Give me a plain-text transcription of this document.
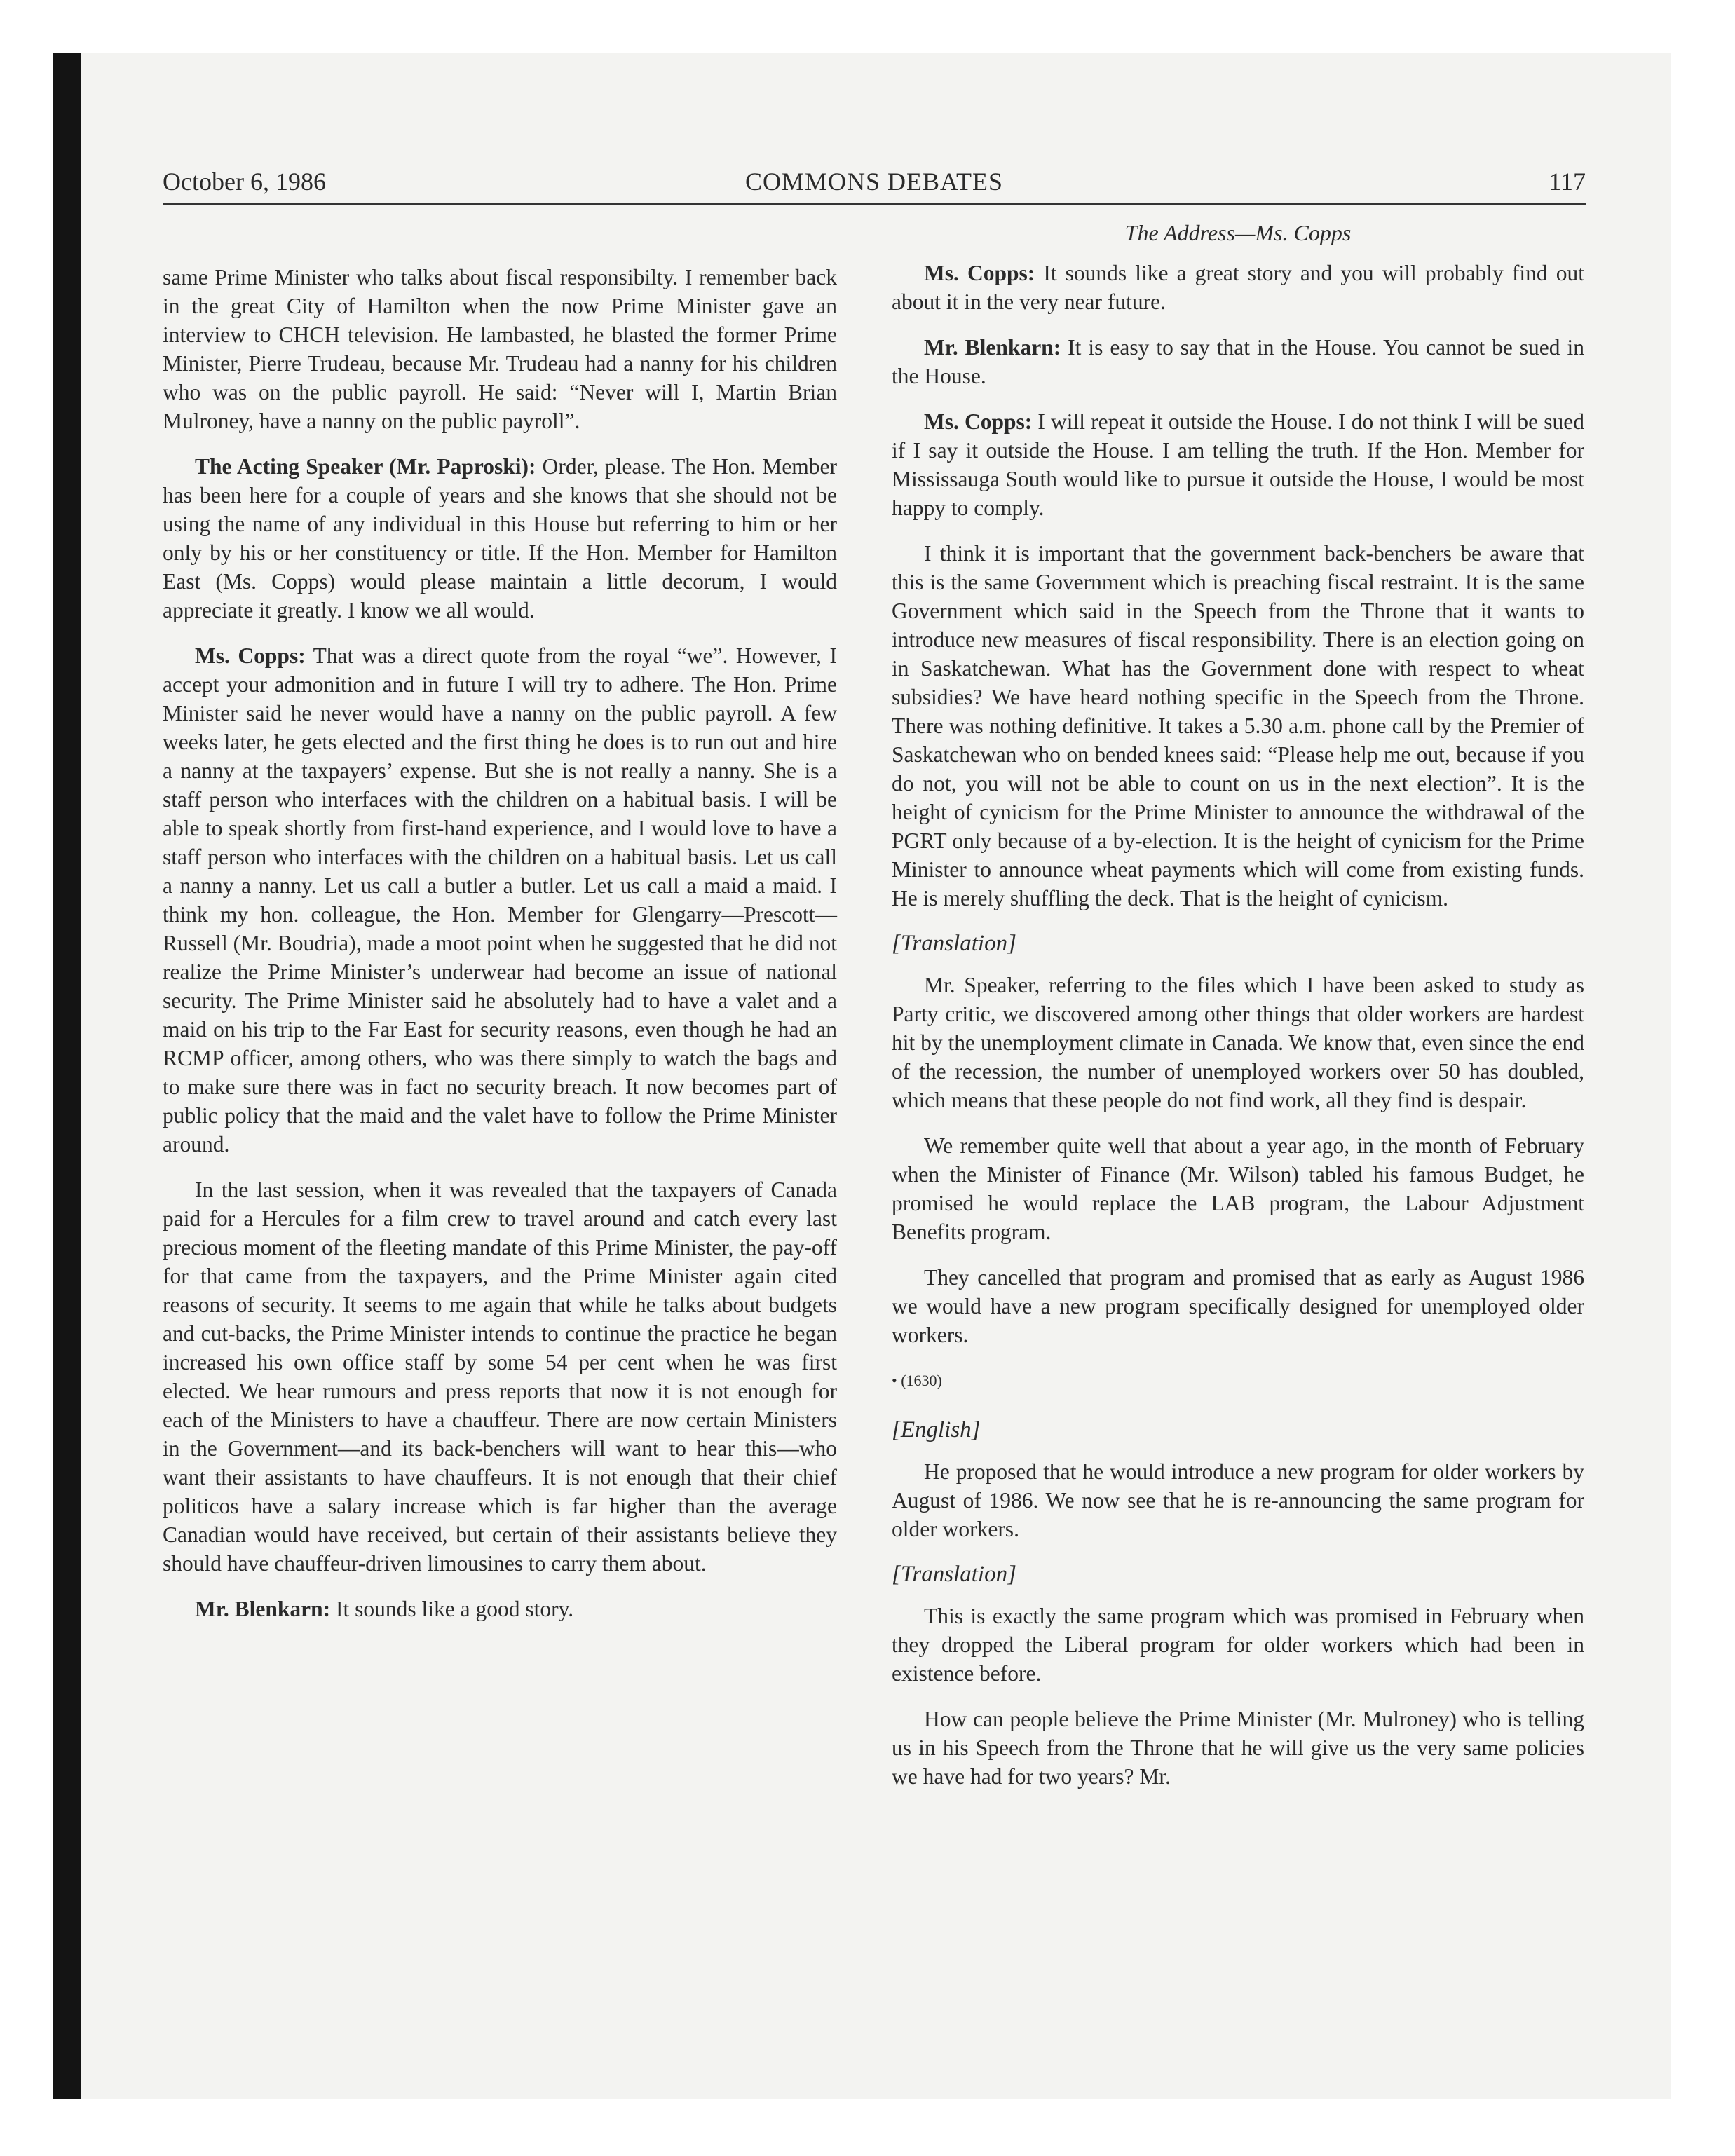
October 6, 1986	COMMONS DEBATES	117

same Prime Minister who talks about fiscal responsibilty. I remember back in the great City of Hamilton when the now Prime Minister gave an interview to CHCH television. He lambasted, he blasted the former Prime Minister, Pierre Trudeau, because Mr. Trudeau had a nanny for his children who was on the public payroll. He said: “Never will I, Martin Brian Mulroney, have a nanny on the public payroll”.

The Acting Speaker (Mr. Paproski): Order, please. The Hon. Member has been here for a couple of years and she knows that she should not be using the name of any individual in this House but referring to him or her only by his or her constituency or title. If the Hon. Member for Hamilton East (Ms. Copps) would please maintain a little decorum, I would appreciate it greatly. I know we all would.

Ms. Copps: That was a direct quote from the royal “we”. However, I accept your admonition and in future I will try to adhere. The Hon. Prime Minister said he never would have a nanny on the public payroll. A few weeks later, he gets elected and the first thing he does is to run out and hire a nanny at the taxpayers’ expense. But she is not really a nanny. She is a staff person who interfaces with the children on a habitual basis. I will be able to speak shortly from first-hand experience, and I would love to have a staff person who interfaces with the children on a habitual basis. Let us call a nanny a nanny. Let us call a butler a butler. Let us call a maid a maid. I think my hon. colleague, the Hon. Member for Glengarry—Prescott—Russell (Mr. Boudria), made a moot point when he suggested that he did not realize the Prime Minister’s underwear had become an issue of national security. The Prime Minister said he absolutely had to have a valet and a maid on his trip to the Far East for security reasons, even though he had an RCMP officer, among others, who was there simply to watch the bags and to make sure there was in fact no security breach. It now becomes part of public policy that the maid and the valet have to follow the Prime Minister around.

In the last session, when it was revealed that the taxpayers of Canada paid for a Hercules for a film crew to travel around and catch every last precious moment of the fleeting mandate of this Prime Minister, the pay-off for that came from the taxpayers, and the Prime Minister again cited reasons of security. It seems to me again that while he talks about budgets and cut-backs, the Prime Minister intends to continue the practice he began increased his own office staff by some 54 per cent when he was first elected. We hear rumours and press reports that now it is not enough for each of the Ministers to have a chauffeur. There are now certain Ministers in the Government—and its back-benchers will want to hear this—who want their assistants to have chauffeurs. It is not enough that their chief politicos have a salary increase which is far higher than the average Canadian would have received, but certain of their assistants believe they should have chauffeur-driven limousines to carry them about.

Mr. Blenkarn: It sounds like a good story.

The Address—Ms. Copps

Ms. Copps: It sounds like a great story and you will probably find out about it in the very near future.

Mr. Blenkarn: It is easy to say that in the House. You cannot be sued in the House.

Ms. Copps: I will repeat it outside the House. I do not think I will be sued if I say it outside the House. I am telling the truth. If the Hon. Member for Mississauga South would like to pursue it outside the House, I would be most happy to comply.

I think it is important that the government back-benchers be aware that this is the same Government which is preaching fiscal restraint. It is the same Government which said in the Speech from the Throne that it wants to introduce new measures of fiscal responsibility. There is an election going on in Saskatchewan. What has the Government done with respect to wheat subsidies? We have heard nothing specific in the Speech from the Throne. There was nothing definitive. It takes a 5.30 a.m. phone call by the Premier of Saskatchewan who on bended knees said: “Please help me out, because if you do not, you will not be able to count on us in the next election”. It is the height of cynicism for the Prime Minister to announce the withdrawal of the PGRT only because of a by-election. It is the height of cynicism for the Prime Minister to announce wheat payments which will come from existing funds. He is merely shuffling the deck. That is the height of cynicism.

[Translation]

Mr. Speaker, referring to the files which I have been asked to study as Party critic, we discovered among other things that older workers are hardest hit by the unemployment climate in Canada. We know that, even since the end of the recession, the number of unemployed workers over 50 has doubled, which means that these people do not find work, all they find is despair.

We remember quite well that about a year ago, in the month of February when the Minister of Finance (Mr. Wilson) tabled his famous Budget, he promised he would replace the LAB program, the Labour Adjustment Benefits program.

They cancelled that program and promised that as early as August 1986 we would have a new program specifically designed for unemployed older workers.

• (1630)

[English]

He proposed that he would introduce a new program for older workers by August of 1986. We now see that he is re-announcing the same program for older workers.

[Translation]

This is exactly the same program which was promised in February when they dropped the Liberal program for older workers which had been in existence before.

How can people believe the Prime Minister (Mr. Mulroney) who is telling us in his Speech from the Throne that he will give us the very same policies we have had for two years? Mr.
